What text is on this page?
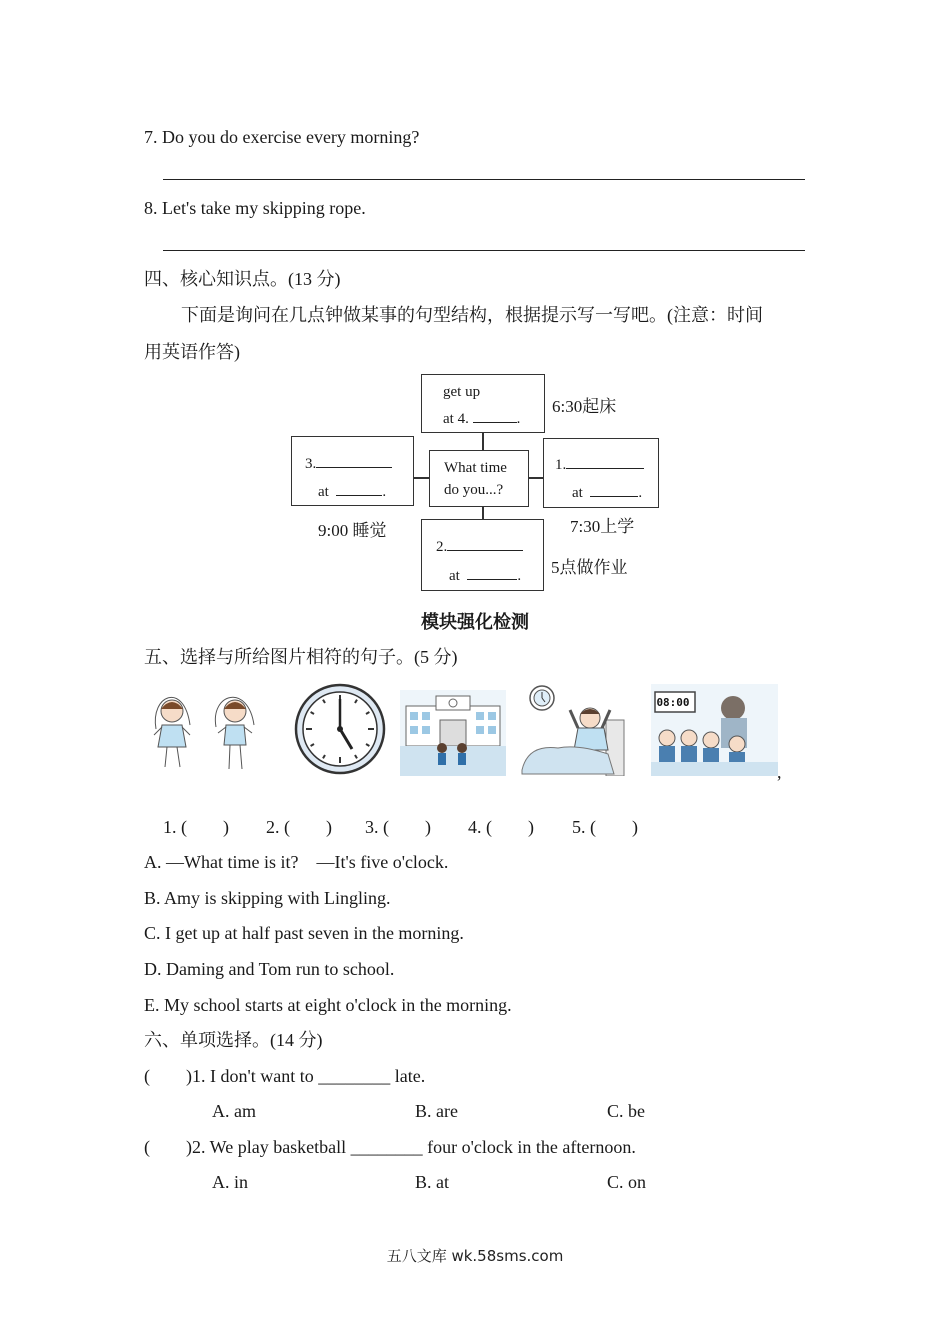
7. Do you do exercise every morning?
8. Let's take my skipping rope.
四、核心知识点。(13 分)
下面是询问在几点钟做某事的句型结构，根据提示写一写吧。(注意：时间
用英语作答)
get up
at 4.	.
6:30起床
What time
do you...?
3.
at	.
9:00 睡觉
1.
at	.
7:30上学
2.
at	. 5点做作业
模块强化检测
五、选择与所给图片相符的句子。(5 分)
08:00
,
1. (　　) 2. (　　) 3. (　　) 4. (　　) 5. (　　)
A. —What time is it?　—It's five o'clock.
B. Amy is skipping with Lingling.
C. I get up at half past seven in the morning.
D. Daming and Tom run to school.
E. My school starts at eight o'clock in the morning.
六、单项选择。(14 分)
(　　)1. I don't want to ________ late.
A. am	B. are	C. be
(　　)2. We play basketball ________ four o'clock in the afternoon.
A. in	B. at	C. on
五八文库 wk.58sms.com
